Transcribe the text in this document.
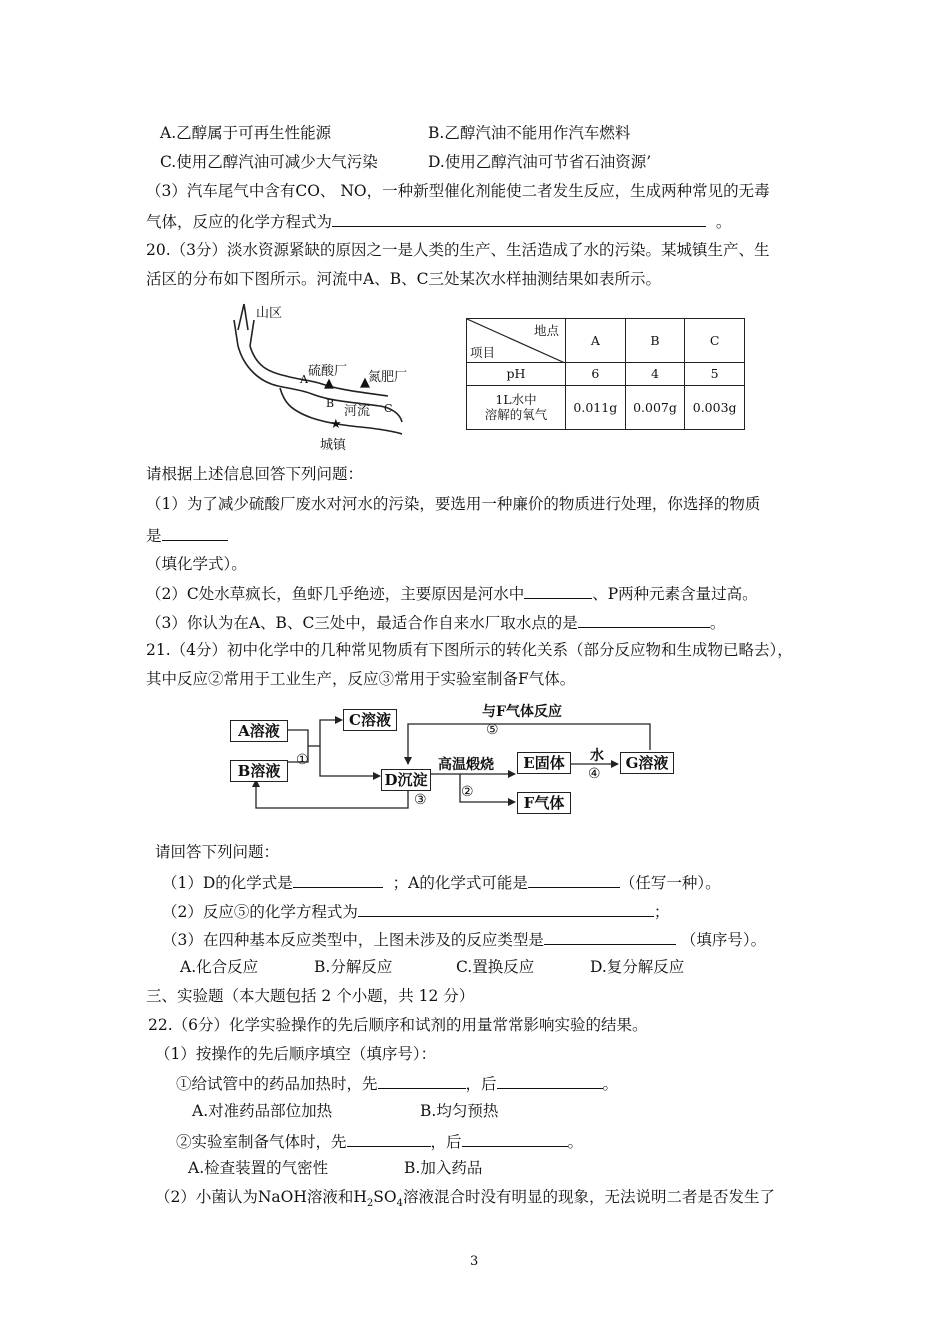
A.乙醇属于可再生性能源	B.乙醇汽油不能用作汽车燃料
C.使用乙醇汽油可减少大气污染	D.使用乙醇汽油可节省石油资源’
（3）汽车尾气中含有CO、 NO，一种新型催化剂能使二者发生反应，生成两种常见的无毒
气体，反应的化学方程式为	。
20.（3分）淡水资源紧缺的原因之一是人类的生产、生活造成了水的污染。某城镇生产、生
活区的分布如下图所示。河流中A、B、C三处某次水样抽测结果如表所示。
山区
硫酸厂
▲ ▲
氮肥厂
A
B
河流 C
★
城镇
地点
项目	A	B	C
pH	6	4	5
1L水中
溶解的氧气	0.011g	0.007g	0.003g
请根据上述信息回答下列问题：
（1）为了减少硫酸厂废水对河水的污染，要选用一种廉价的物质进行处理，你选择的物质
是
（填化学式）。
（2）C处水草疯长，鱼虾几乎绝迹，主要原因是河水中	、P两种元素含量过高。
（3）你认为在A、B、C三处中，最适合作自来水厂取水点的是	。
21.（4分）初中化学中的几种常见物质有下图所示的转化关系（部分反应物和生成物已略去），
其中反应②常用于工业生产，反应③常用于实验室制备F气体。
A溶液
B溶液
C溶液
D沉淀
E固体
F气体
G溶液
①
与F气体反应
⑤
高温煅烧
②
③
水
④
请回答下列问题：
（1）D的化学式是	；A的化学式可能是	（任写一种）。
（2）反应⑤的化学方程式为	；
（3）在四种基本反应类型中，上图未涉及的反应类型是	（填序号）。
A.化合反应	B.分解反应	C.置换反应	D.复分解反应
三、实验题（本大题包括 2 个小题，共 12 分）
22.（6分）化学实验操作的先后顺序和试剂的用量常常影响实验的结果。
（1）按操作的先后顺序填空（填序号）：
①给试管中的药品加热时，先	，后	。
A.对准药品部位加热	B.均匀预热
②实验室制备气体时，先	，后	。
A.检查装置的气密性	B.加入药品
（2）小菌认为NaOH溶液和$H_2SO_4$溶液混合时没有明显的现象，无法说明二者是否发生了
3
